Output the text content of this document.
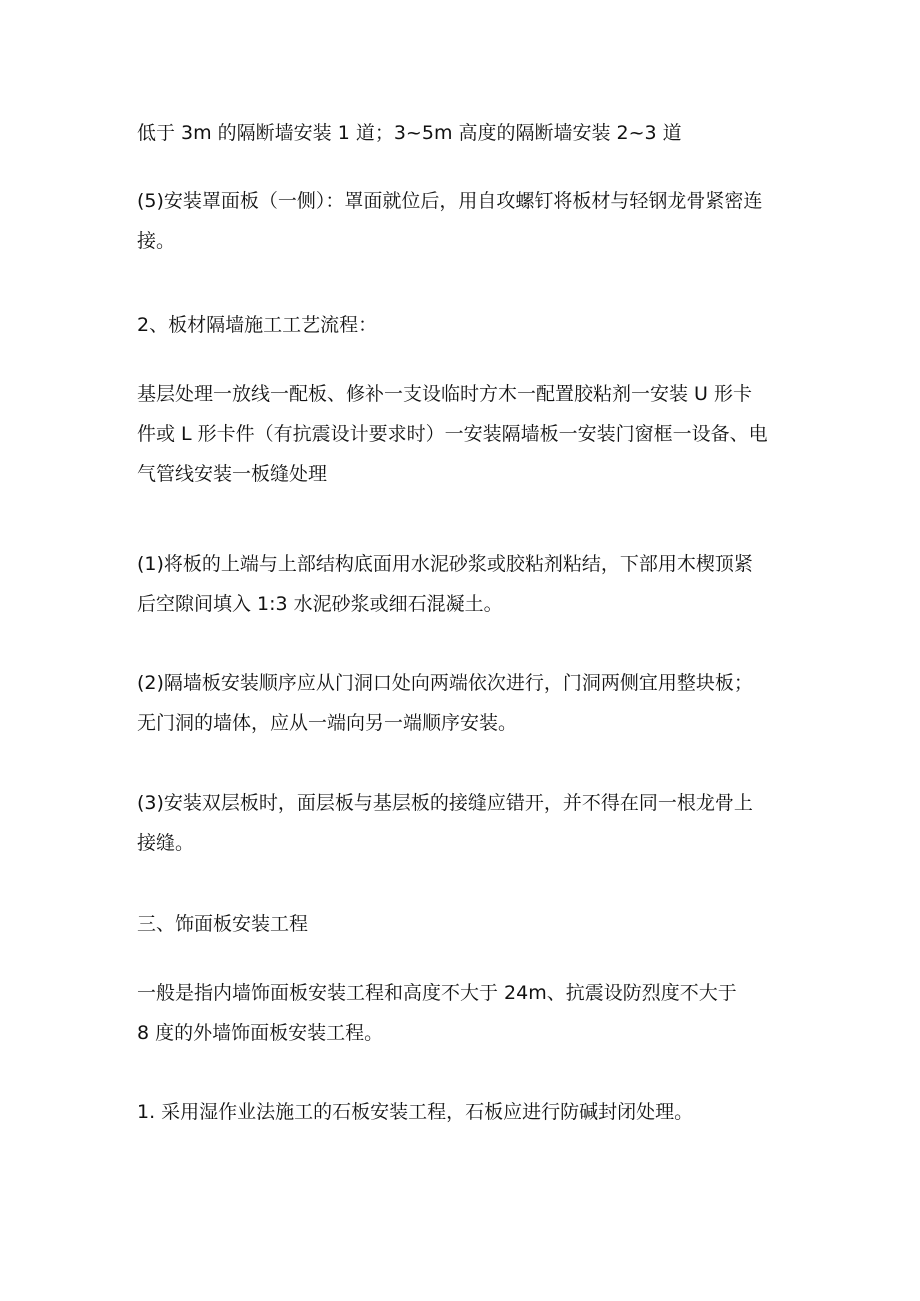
低于 3m 的隔断墙安装 1 道；3~5m 高度的隔断墙安装 2~3 道

(5)安装罩面板（一侧）：罩面就位后，用自攻螺钉将板材与轻钢龙骨紧密连
接。

2、板材隔墙施工工艺流程：

基层处理一放线一配板、修补一支设临时方木一配置胶粘剂一安装 U 形卡
件或 L 形卡件（有抗震设计要求时）一安装隔墙板一安装门窗框一设备、电
气管线安装一板缝处理

(1)将板的上端与上部结构底面用水泥砂浆或胶粘剂粘结，下部用木楔顶紧
后空隙间填入 1:3 水泥砂浆或细石混凝土。

(2)隔墙板安装顺序应从门洞口处向两端依次进行，门洞两侧宜用整块板；
无门洞的墙体，应从一端向另一端顺序安装。

(3)安装双层板时，面层板与基层板的接缝应错开，并不得在同一根龙骨上
接缝。

三、饰面板安装工程

一般是指内墙饰面板安装工程和高度不大于 24m、抗震设防烈度不大于
8 度的外墙饰面板安装工程。

1. 采用湿作业法施工的石板安装工程，石板应进行防碱封闭处理。
